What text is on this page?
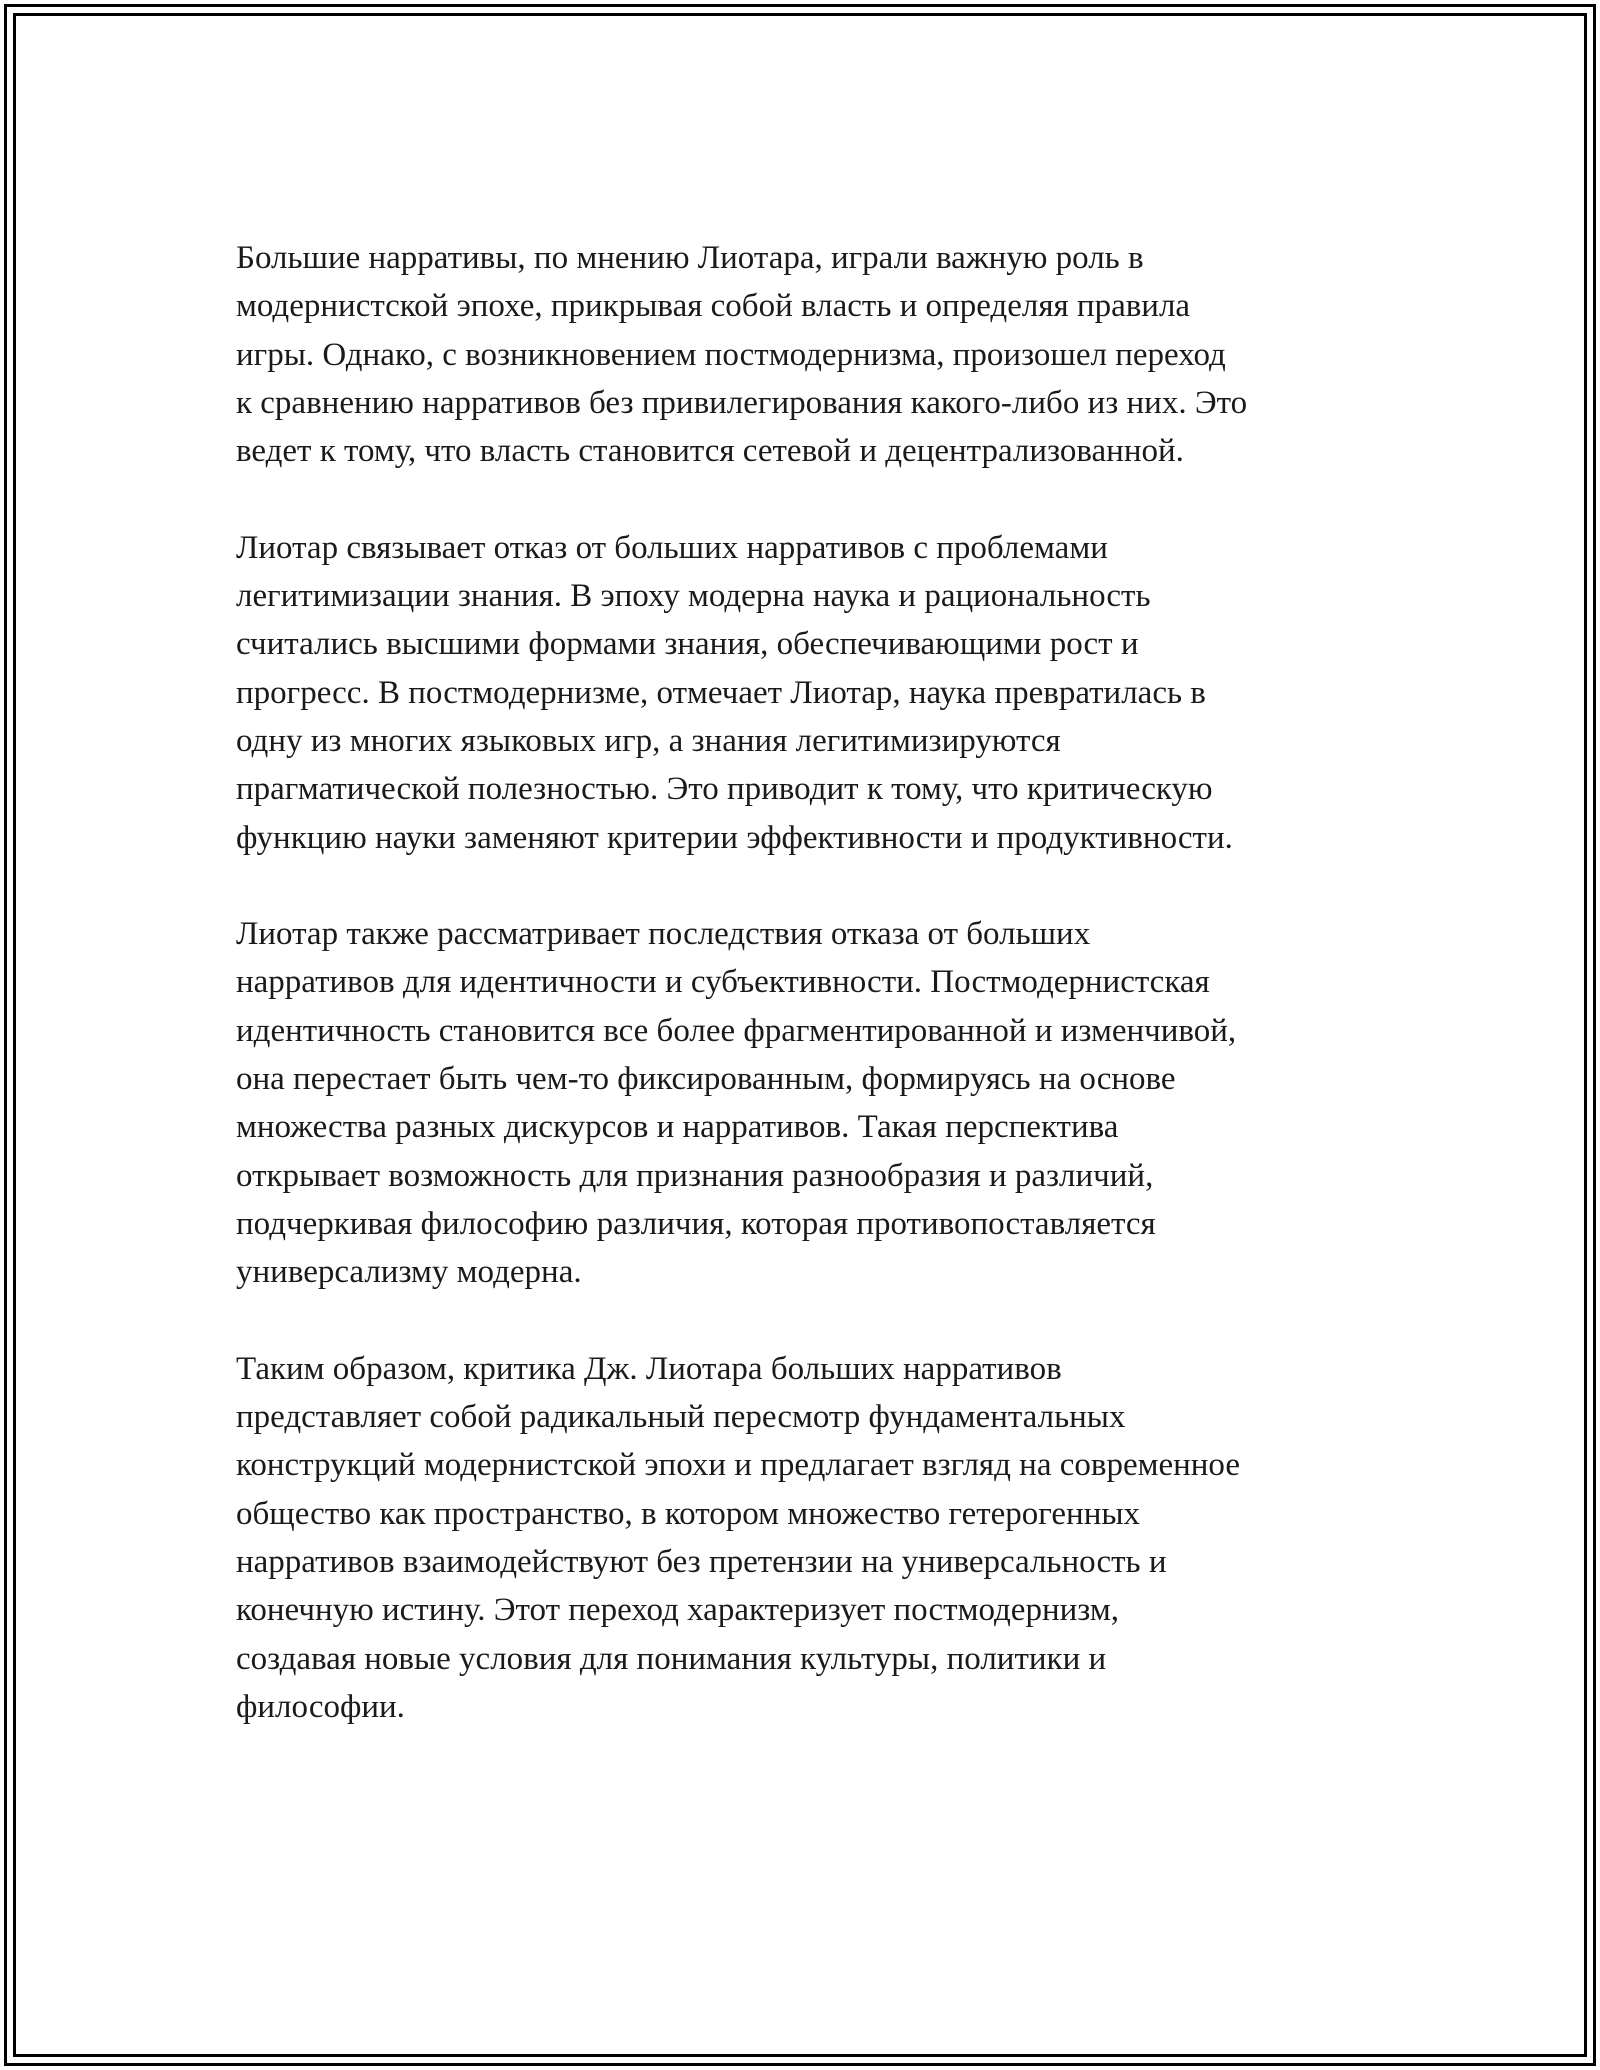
Большие нарративы, по мнению Лиотара, играли важную роль в
модернистской эпохе, прикрывая собой власть и определяя правила
игры. Однако, с возникновением постмодернизма, произошел переход
к сравнению нарративов без привилегирования какого-либо из них. Это
ведет к тому, что власть становится сетевой и децентрализованной.

Лиотар связывает отказ от больших нарративов с проблемами
легитимизации знания. В эпоху модерна наука и рациональность
считались высшими формами знания, обеспечивающими рост и
прогресс. В постмодернизме, отмечает Лиотар, наука превратилась в
одну из многих языковых игр, а знания легитимизируются
прагматической полезностью. Это приводит к тому, что критическую
функцию науки заменяют критерии эффективности и продуктивности.

Лиотар также рассматривает последствия отказа от больших
нарративов для идентичности и субъективности. Постмодернистская
идентичность становится все более фрагментированной и изменчивой,
она перестает быть чем-то фиксированным, формируясь на основе
множества разных дискурсов и нарративов. Такая перспектива
открывает возможность для признания разнообразия и различий,
подчеркивая философию различия, которая противопоставляется
универсализму модерна.

Таким образом, критика Дж. Лиотара больших нарративов
представляет собой радикальный пересмотр фундаментальных
конструкций модернистской эпохи и предлагает взгляд на современное
общество как пространство, в котором множество гетерогенных
нарративов взаимодействуют без претензии на универсальность и
конечную истину. Этот переход характеризует постмодернизм,
создавая новые условия для понимания культуры, политики и
философии.
